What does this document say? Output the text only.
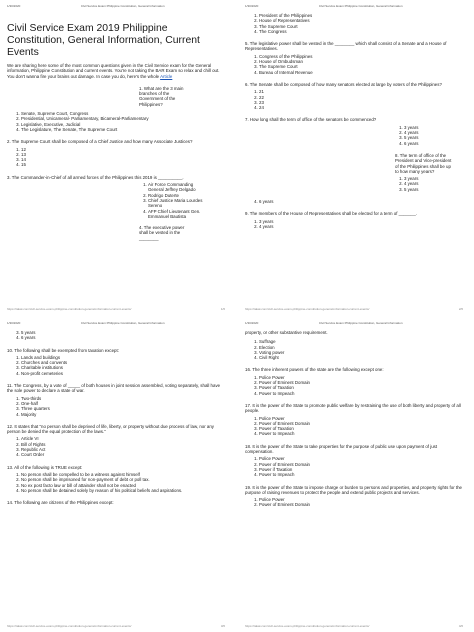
1/30/2020	Civil Service Exam Philippine Constitution, General Information
Civil Service Exam 2019 Philippine Constitution, General Information, Current Events
We are sharing here some of the most common questions given in the Civil Service exam for the General information, Philippine Constitution and current events. You're not taking the BAR Exam so relax and chill out. You don't wanna fire your brains out damage. In case you do, here's the whole Article
1. What are the 3 main branches of the Government of the Philippines?
1. Senate, Supreme Court, Congress
2. Presidential, Unicameral- Parliamentary, Bicameral-Parliamentary
3. Legislative, Executive, Judicial
4. The Legislature, The Senate, The Supreme Court
2. The Supreme Court shall be composed of a Chief Justice and how many Associate Justices?
1. 12
2. 13
3. 14
4. 15
3. The Commander-in-Chief of all armed forces of the Philippines this 2019 is __________.
1. Air Force Commanding General Jeffrey Delgado
2. Rodrigo Duterte
3. Chief Justice Maria Lourdes Sereno
4. AFP Chief Lieutenant Gen. Emmanuel Bautista
4. The executive power shall be vested in the ________
https://takat.com/civil-service-exam-philippine-constitution-general-information-current-events/	1/6
1/30/2020	Civil Service Exam Philippine Constitution, General Information
1. President of the Philippines
2. House of Representatives
3. The Supreme Court
4. The Congress
5. The legislative power shall be vested in the ________ which shall consist of a Senate and a House of Representatives.
1. Congress of the Philippines
2. House of Ombudsman
3. The Supreme Court
4. Bureau of Internal Revenue
6. The Senate shall be composed of how many senators elected at large by voters of the Philippines?
1. 21
2. 22
3. 23
4. 24
7. How long shall the term of office of the senators be commenced?
1. 3 years
2. 4 years
3. 5 years
4. 6 years
8. The term of office of the President and Vice-president of the Philippines shall be up to how many years?
1. 3 years
2. 4 years
3. 5 years
4. 6 years
9. The members of the House of Representatives shall be elected for a term of _______.
1. 3 years
2. 4 years
https://takat.com/civil-service-exam-philippine-constitution-general-information-current-events/	2/6
1/30/2020	Civil Service Exam Philippine Constitution, General Information
3. 5 years
4. 6 years
10. The following shall be exempted from taxation except:
1. Lands and buildings
2. Churches and convents
3. Charitable institutions
4. Non-profit cemeteries
11. The Congress, by a vote of _____ of both houses in joint session assembled, voting separately, shall have the sole power to declare a state of war.
1. Two-thirds
2. One-half
3. Three quarters
4. Majority
12. It states that "no person shall be deprived of life, liberty, or property without due process of law, nor any person be denied the equal protection of the laws."
1. Article VI
2. Bill of Rights
3. Republic Act
4. Court Order
13. All of the following is TRUE except:
1. No person shall be compelled to be a witness against himself
2. No person shall be imprisoned for non-payment of debt or poll tax.
3. No ex post facto law or bill of attainder shall not be enacted
4. No person shall be detained solely by reason of his political beliefs and aspirations.
14. The following are citizens of the Philippines except:
https://takat.com/civil-service-exam-philippine-constitution-general-information-current-events/	3/6
1/30/2020	Civil Service Exam Philippine Constitution, General Information
property, or other substantive requirement.
1. Suffrage
2. Election
3. Voting power
4. Civil Right
16. The three inherent powers of the state are the following except one:
1. Police Power
2. Power of Eminent Domain
3. Power of Taxation
4. Power to Impeach
17. It is the power of the State to promote public welfare by restraining the use of both liberty and property of all people.
1. Police Power
2. Power of Eminent Domain
3. Power of Taxation
4. Power to Impeach
18. It is the power of the State to take properties for the purpose of public use upon payment of just compensation.
1. Police Power
2. Power of Eminent Domain
3. Power if Taxation
4. Power to Impeach
19. It is the power of the State to impose charge or burden to persons and properties, and property rights for the purpose of raising revenues to protect the people and extend public projects and services.
1. Police Power
2. Power of Eminent Domain
https://takat.com/civil-service-exam-philippine-constitution-general-information-current-events/	4/6
